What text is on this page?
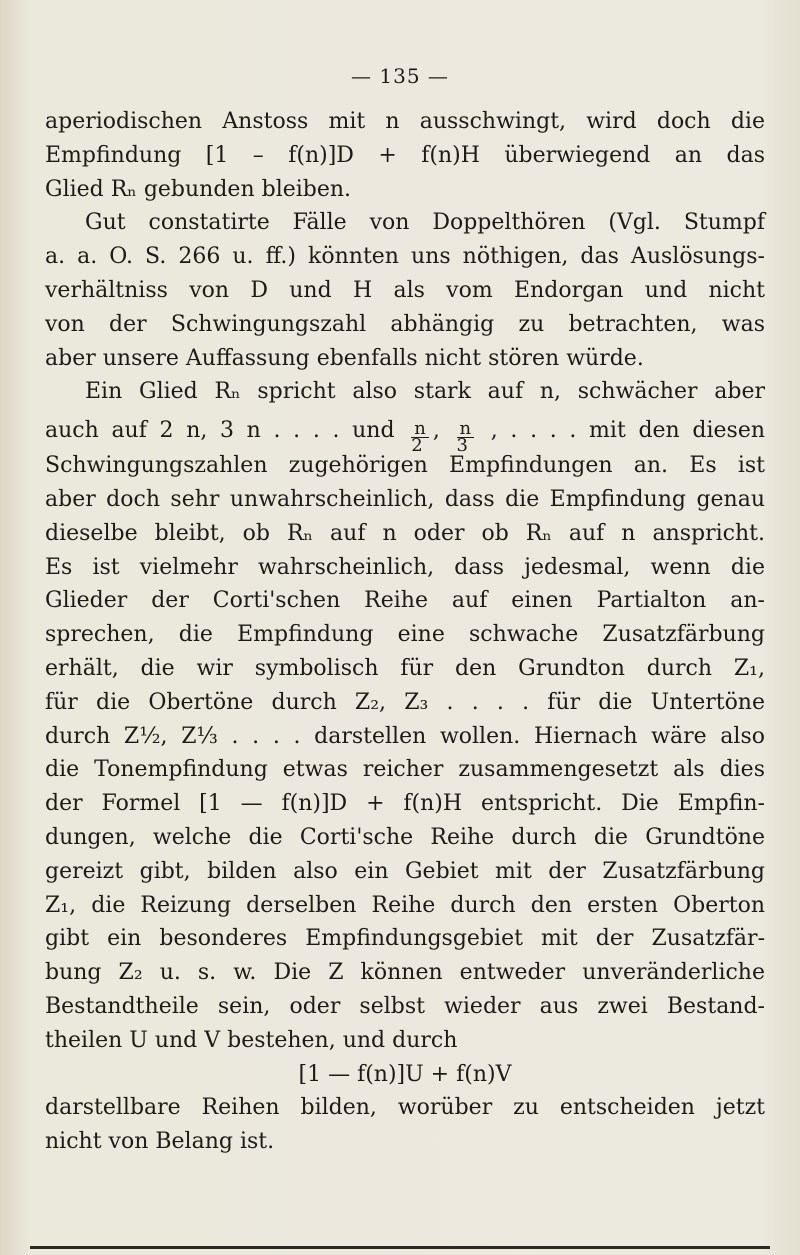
— 135 —
aperiodischen Anstoss mit n ausschwingt, wird doch die
Empfindung [1 – f(n)]D + f(n)H überwiegend an das
Glied Rₙ gebunden bleiben.
Gut constatirte Fälle von Doppelthören (Vgl. Stumpf
a. a. O. S. 266 u. ff.) könnten uns nöthigen, das Auslösungs-
verhältniss von D und H als vom Endorgan und nicht
von der Schwingungszahl abhängig zu betrachten, was
aber unsere Auffassung ebenfalls nicht stören würde.
Ein Glied Rₙ spricht also stark auf n, schwächer aber
auch auf 2 n, 3 n . . . . und $\frac{n}{2}$ , $\frac{n}{3}$ , . . . . mit den diesen
Schwingungszahlen zugehörigen Empfindungen an. Es ist
aber doch sehr unwahrscheinlich, dass die Empfindung genau
dieselbe bleibt, ob Rₙ auf n oder ob Rₙ auf n anspricht.
Es ist vielmehr wahrscheinlich, dass jedesmal, wenn die
Glieder der Corti'schen Reihe auf einen Partialton an-
sprechen, die Empfindung eine schwache Zusatzfärbung
erhält, die wir symbolisch für den Grundton durch Z₁,
für die Obertöne durch Z₂, Z₃ . . . . für die Untertöne
durch Z½, Z⅓ . . . . darstellen wollen. Hiernach wäre also
die Tonempfindung etwas reicher zusammengesetzt als dies
der Formel [1 — f(n)]D + f(n)H entspricht. Die Empfin-
dungen, welche die Corti'sche Reihe durch die Grundtöne
gereizt gibt, bilden also ein Gebiet mit der Zusatzfärbung
Z₁, die Reizung derselben Reihe durch den ersten Oberton
gibt ein besonderes Empfindungsgebiet mit der Zusatzfär-
bung Z₂ u. s. w. Die Z können entweder unveränderliche
Bestandtheile sein, oder selbst wieder aus zwei Bestand-
theilen U und V bestehen, und durch
[1 — f(n)]U + f(n)V
darstellbare Reihen bilden, worüber zu entscheiden jetzt
nicht von Belang ist.
